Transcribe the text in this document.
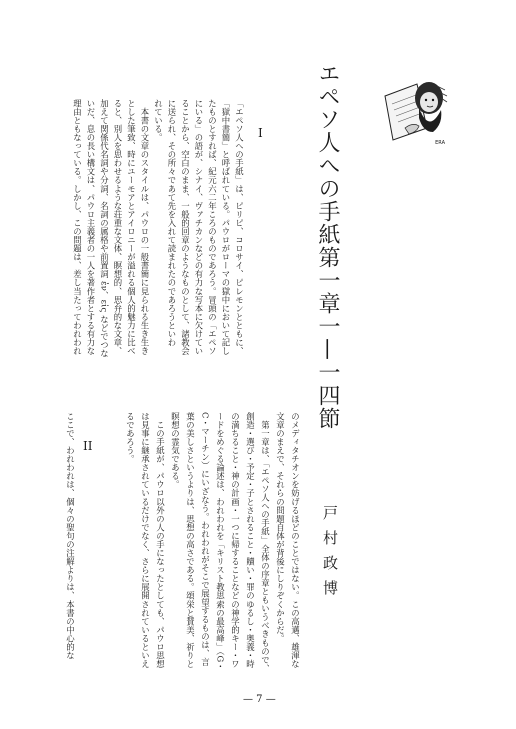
ERA
エペソ人への手紙第一章一—一四節
戸村政博
I
II
「エペソ人への手紙」は、ピリピ、コロサイ、ピレモンとともに、
「獄中書簡」と呼ばれている。パウロがローマの獄中において記し
たものとすれば、紀元六二年ころのものであろう。冒頭の「エペソ
にいる」の語が、シナイ、ヴァチカンなどの有力な写本に欠けてい
ることから、空白のまま、一般的回章のようなものとして、諸教会
に送られ、その所々であて先を入れて読まれたのであろうといわ
れている。
　本書の文章のスタイルは、パウロの一般書簡に見られる生き生き
とした筆致、時にユーモアとアイロニーが溢れる個人的魅力に比べ
ると、別人を思わせるような荘重な文体、瞑想的、思弁的な文章、
加えて関係代名詞や分詞、名詞の属格や前置詞 ἐν、εἰς などでつな
いだ、息の長い構文は、パウロ主義者の一人を著作者とする有力な
理由ともなっている。しかし、この問題は、差し当たってわれわれ
のメディタチオンを妨げるほどのことではない。この高邁、雄渾な
文章のまえで、それらの問題自体が背後にしりぞくからだ。
　第一章は、「エペソ人への手紙」全体の序章ともいうべきもので、
創造・選び・予定・子とされること・贖い・罪のゆるし・奥義・時
の満ちること・神の計画・一つに帰することなどの神学的キー・ワ
ードをめぐる論述は、われわれを「キリスト教思索の最高峰」（G・
C・マーチン）にいざなう。われわれがそこで展望するものは、言
葉の美しさというよりは、思想の高さである。頌栄と賛美、祈りと
瞑想の霊気である。
　この手紙が、パウロ以外の人の手になったとしても、パウロ思想
は見事に継承されているだけでなく、さらに展開されているといえ
るであろう。
ここで、われわれは、個々の聖句の注解よりは、本書の中心的な
— 7 —
